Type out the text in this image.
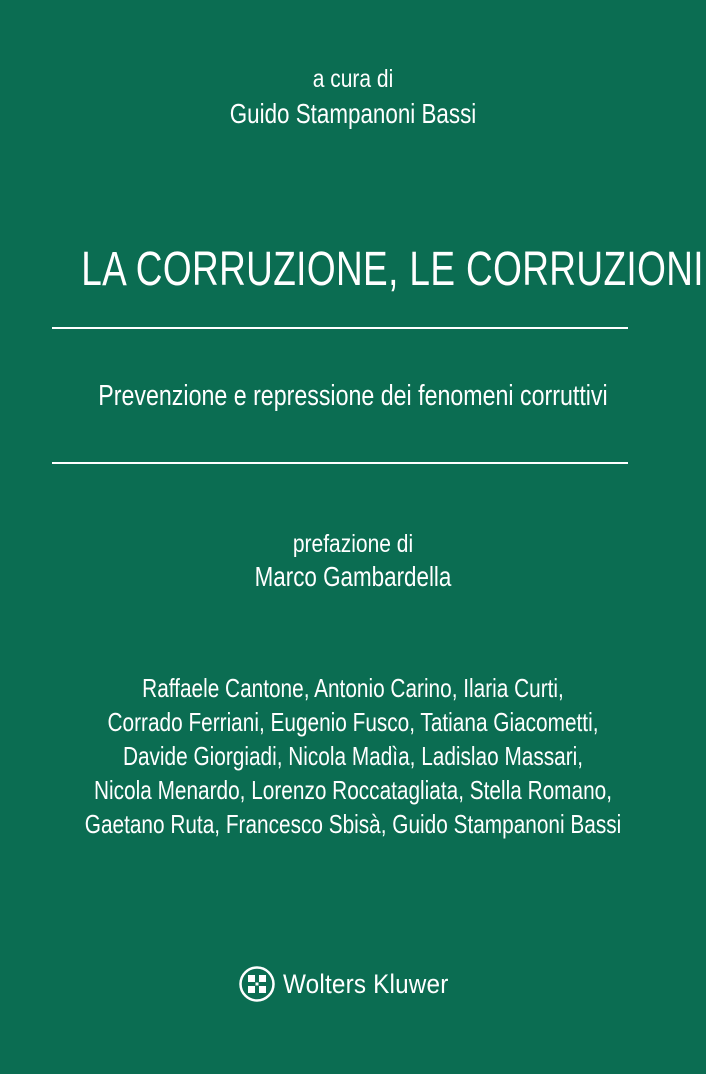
a cura di

Guido Stampanoni Bassi

LA CORRUZIONE, LE CORRUZIONI

Prevenzione e repressione dei fenomeni corruttivi

prefazione di

Marco Gambardella

Raffaele Cantone, Antonio Carino, Ilaria Curti,
Corrado Ferriani, Eugenio Fusco, Tatiana Giacometti,
Davide Giorgiadi, Nicola Madìa, Ladislao Massari,
Nicola Menardo, Lorenzo Roccatagliata, Stella Romano,
Gaetano Ruta, Francesco Sbisà, Guido Stampanoni Bassi
Wolters Kluwer
